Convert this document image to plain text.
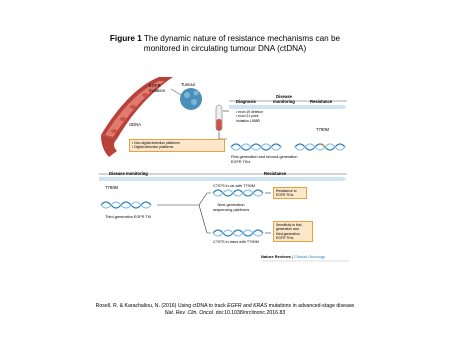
Figure 1 The dynamic nature of resistance mechanisms can be
monitored in circulating tumour DNA (ctDNA)
EGFR
mutation
Tumour
ctDNA
Diagnosis
Disease
monitoring	Resistance
• exon 19 deletion
• exon 21 point
mutation L858R
T790M
• Non-digital detection platforms
• Digital detection platforms
First-generation and second-generation
EGFR TKIs
Disease monitoring	Resistance
T790M	C797S in cis with T790M
Next-generation
sequencing platforms
Third-generation EGFR TKI
C797S in trans with T790M
Resistance to
EGFR TKIs
Sensitivity to first-
generation and
third-generation
EGFR TKIs
Nature Reviews | Clinical Oncology
Rosell, R. & Karachaliou, N. (2016) Using ctDNA to track EGFR and KRAS mutations in advanced-stage disease
Nat. Rev. Clin. Oncol. doi:10.1038/nrclinonc.2016.83
